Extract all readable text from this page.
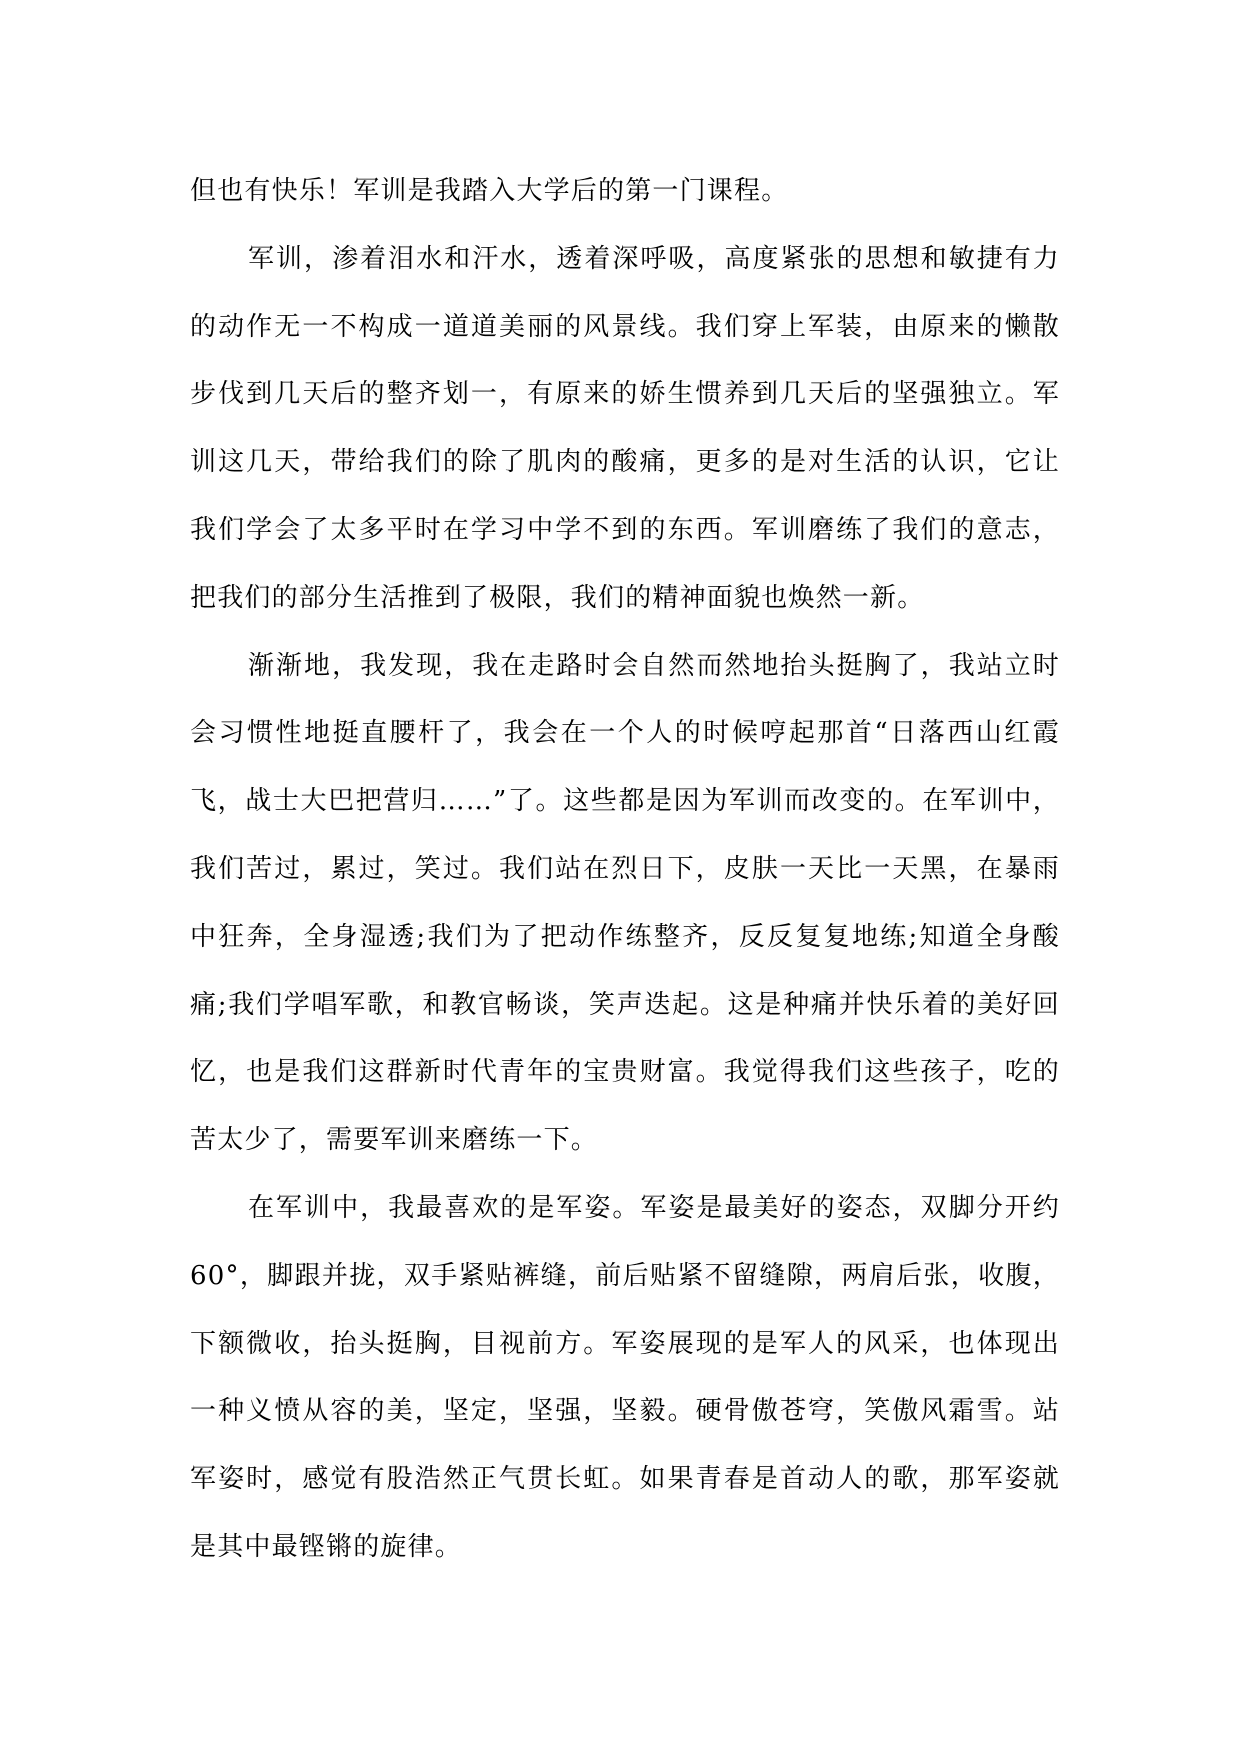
但也有快乐！军训是我踏入大学后的第一门课程。

军训，渗着泪水和汗水，透着深呼吸，高度紧张的思想和敏捷有力的动作无一不构成一道道美丽的风景线。我们穿上军装，由原来的懒散步伐到几天后的整齐划一，有原来的娇生惯养到几天后的坚强独立。军训这几天，带给我们的除了肌肉的酸痛，更多的是对生活的认识，它让我们学会了太多平时在学习中学不到的东西。军训磨练了我们的意志，把我们的部分生活推到了极限，我们的精神面貌也焕然一新。

渐渐地，我发现，我在走路时会自然而然地抬头挺胸了，我站立时会习惯性地挺直腰杆了，我会在一个人的时候哼起那首“日落西山红霞飞，战士大巴把营归……”了。这些都是因为军训而改变的。在军训中，我们苦过，累过，笑过。我们站在烈日下，皮肤一天比一天黑，在暴雨中狂奔，全身湿透;我们为了把动作练整齐，反反复复地练;知道全身酸痛;我们学唱军歌，和教官畅谈，笑声迭起。这是种痛并快乐着的美好回忆，也是我们这群新时代青年的宝贵财富。我觉得我们这些孩子，吃的苦太少了，需要军训来磨练一下。

在军训中，我最喜欢的是军姿。军姿是最美好的姿态，双脚分开约 60°，脚跟并拢，双手紧贴裤缝，前后贴紧不留缝隙，两肩后张，收腹，下额微收，抬头挺胸，目视前方。军姿展现的是军人的风采，也体现出一种义愤从容的美，坚定，坚强，坚毅。硬骨傲苍穹，笑傲风霜雪。站军姿时，感觉有股浩然正气贯长虹。如果青春是首动人的歌，那军姿就是其中最铿锵的旋律。
